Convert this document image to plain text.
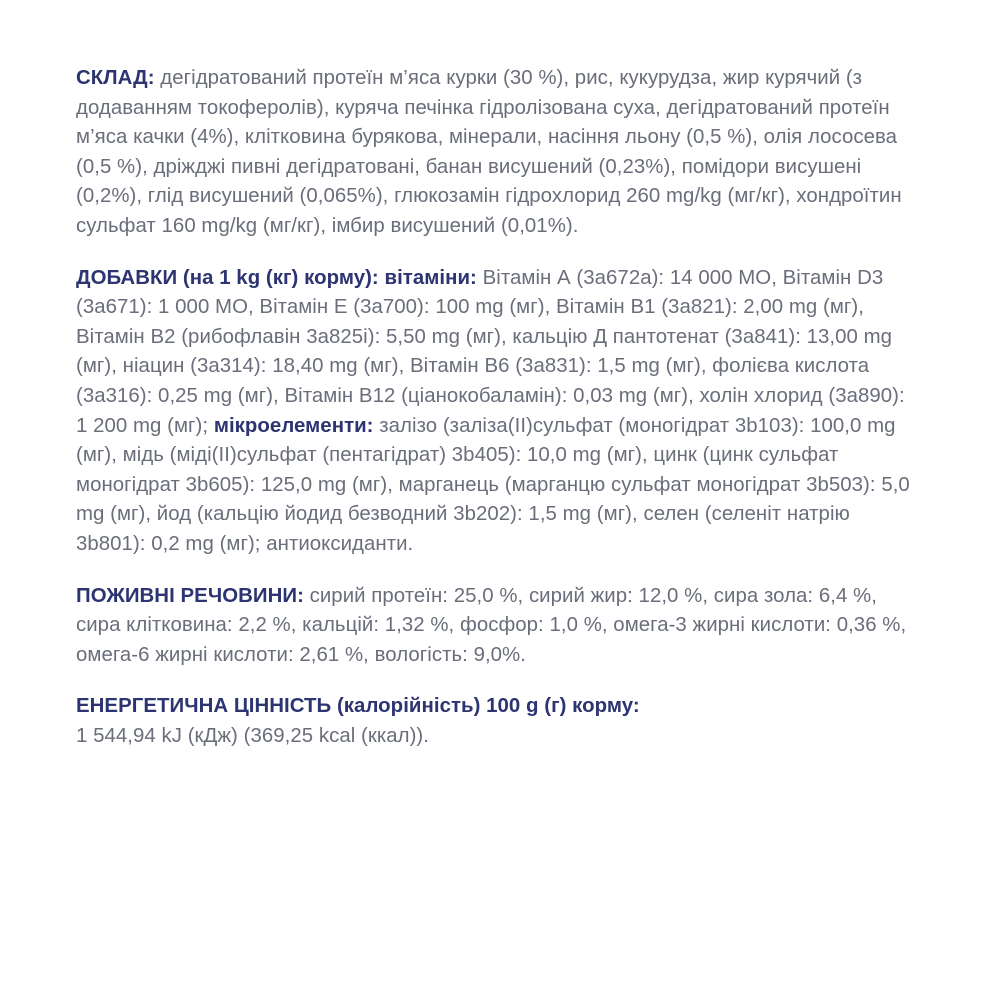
СКЛАД: дегідратований протеїн м’яса курки (30 %), рис, кукурудза, жир курячий (з додаванням токоферолів), куряча печінка гідролізована суха, дегідратований протеїн м’яса качки (4%), клітковина бурякова, мінерали, насіння льону (0,5 %), олія лососева (0,5 %), дріжджі пивні дегідратовані, банан висушений (0,23%), помідори висушені (0,2%), глід висушений (0,065%), глюкозамін гідрохлорид 260 mg/kg (мг/кг), хондроїтин сульфат 160 mg/kg (мг/кг), імбир висушений (0,01%).

ДОБАВКИ (на 1 kg (кг) корму): вітаміни: Вітамін А (3а672а): 14 000 МО, Вітамін D3 (3а671): 1 000 МО, Вітамін Е (3а700): 100 mg (мг), Вітамін В1 (3а821): 2,00 mg (мг), Вітамін В2 (рибофлавін 3а825і): 5,50 mg (мг), кальцію Д пантотенат (3а841): 13,00 mg (мг), ніацин (3а314): 18,40 mg (мг), Вітамін В6 (3а831): 1,5 mg (мг), фолієва кислота (3а316): 0,25 mg (мг), Вітамін В12 (ціанокобаламін): 0,03 mg (мг), холін хлорид (3а890): 1 200 mg (мг); мікроелементи: залізо (заліза(ІІ)сульфат (моногідрат 3b103): 100,0 mg (мг), мідь (міді(ІІ)сульфат (пентагідрат) 3b405): 10,0 mg (мг), цинк (цинк сульфат моногідрат 3b605): 125,0 mg (мг), марганець (марганцю сульфат моногідрат 3b503): 5,0 mg (мг), йод (кальцію йодид безводний 3b202): 1,5 mg (мг), селен (селеніт натрію 3b801): 0,2 mg (мг); антиоксиданти.

ПОЖИВНІ РЕЧОВИНИ: сирий протеїн: 25,0 %, сирий жир: 12,0 %, сира зола: 6,4 %, сира клітковина: 2,2 %, кальцій: 1,32 %, фосфор: 1,0 %, омега-3 жирні кислоти: 0,36 %, омега-6 жирні кислоти: 2,61 %, вологість: 9,0%.

ЕНЕРГЕТИЧНА ЦІННІСТЬ (калорійність) 100 g (г) корму:
1 544,94 kJ (кДж) (369,25 kcal (ккал)).
